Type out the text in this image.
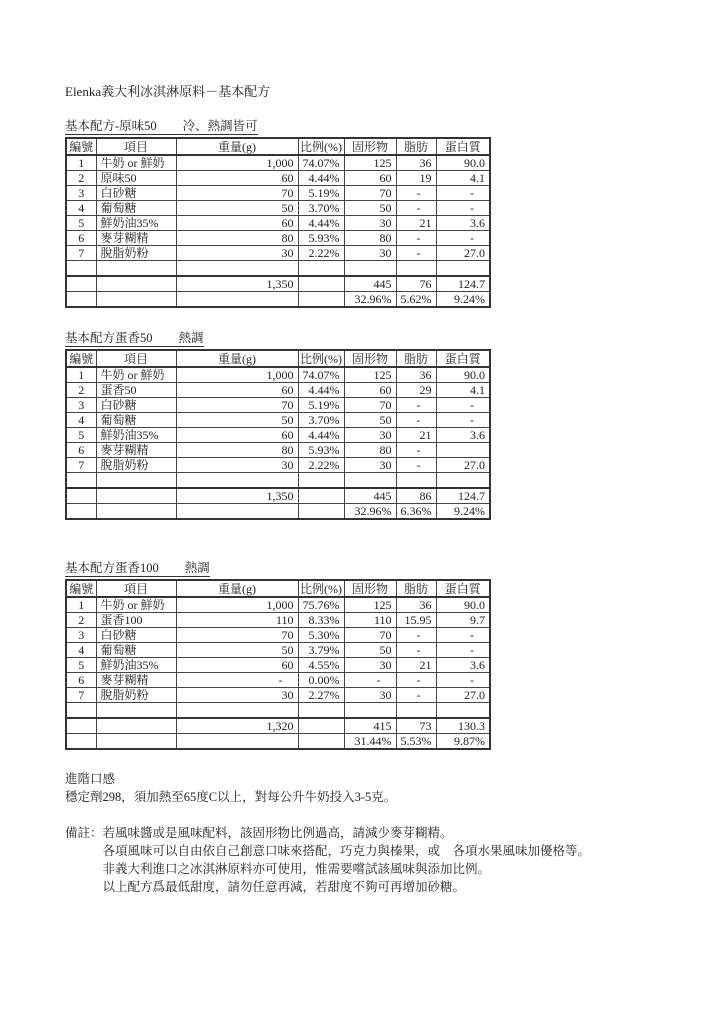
Elenka義大利冰淇淋原料－基本配方
基本配方-原味50 冷、熱調皆可
編號	項目	重量(g)	比例(%)	固形物	脂肪	蛋白質
1	牛奶 or 鮮奶	1,000	74.07%	125	36	90.0
2	原味50	60	4.44%	60	19	4.1
3	白砂糖	70	5.19%	70	-	-
4	葡萄糖	50	3.70%	50	-	-
5	鮮奶油35%	60	4.44%	30	21	3.6
6	麥芽糊精	80	5.93%	80	-	-
7	脫脂奶粉	30	2.22%	30	-	27.0

		1,350		445	76	124.7
				32.96%	5.62%	9.24%
基本配方蛋香50 熱調
編號	項目	重量(g)	比例(%)	固形物	脂肪	蛋白質
1	牛奶 or 鮮奶	1,000	74.07%	125	36	90.0
2	蛋香50	60	4.44%	60	29	4.1
3	白砂糖	70	5.19%	70	-	-
4	葡萄糖	50	3.70%	50	-	-
5	鮮奶油35%	60	4.44%	30	21	3.6
6	麥芽糊精	80	5.93%	80	-	
7	脫脂奶粉	30	2.22%	30	-	27.0

		1,350		445	86	124.7
				32.96%	6.36%	9.24%
基本配方蛋香100 熱調
編號	項目	重量(g)	比例(%)	固形物	脂肪	蛋白質
1	牛奶 or 鮮奶	1,000	75.76%	125	36	90.0
2	蛋香100	110	8.33%	110	15.95	9.7
3	白砂糖	70	5.30%	70	-	-
4	葡萄糖	50	3.79%	50	-	-
5	鮮奶油35%	60	4.55%	30	21	3.6
6	麥芽糊精	-	0.00%	-	-	-
7	脫脂奶粉	30	2.27%	30	-	27.0

		1,320		415	73	130.3
				31.44%	5.53%	9.87%
進階口感
穩定劑298，須加熱至65度C以上，對每公升牛奶投入3-5克。
備註： 若風味醬或是風味配料，該固形物比例過高，請減少麥芽糊精。
各項風味可以自由依自己創意口味來搭配，巧克力與榛果，或　各項水果風味加優格等。
非義大利進口之冰淇淋原料亦可使用，惟需要嚐試該風味與添加比例。
以上配方爲最低甜度，請勿任意再減，若甜度不夠可再增加砂糖。
